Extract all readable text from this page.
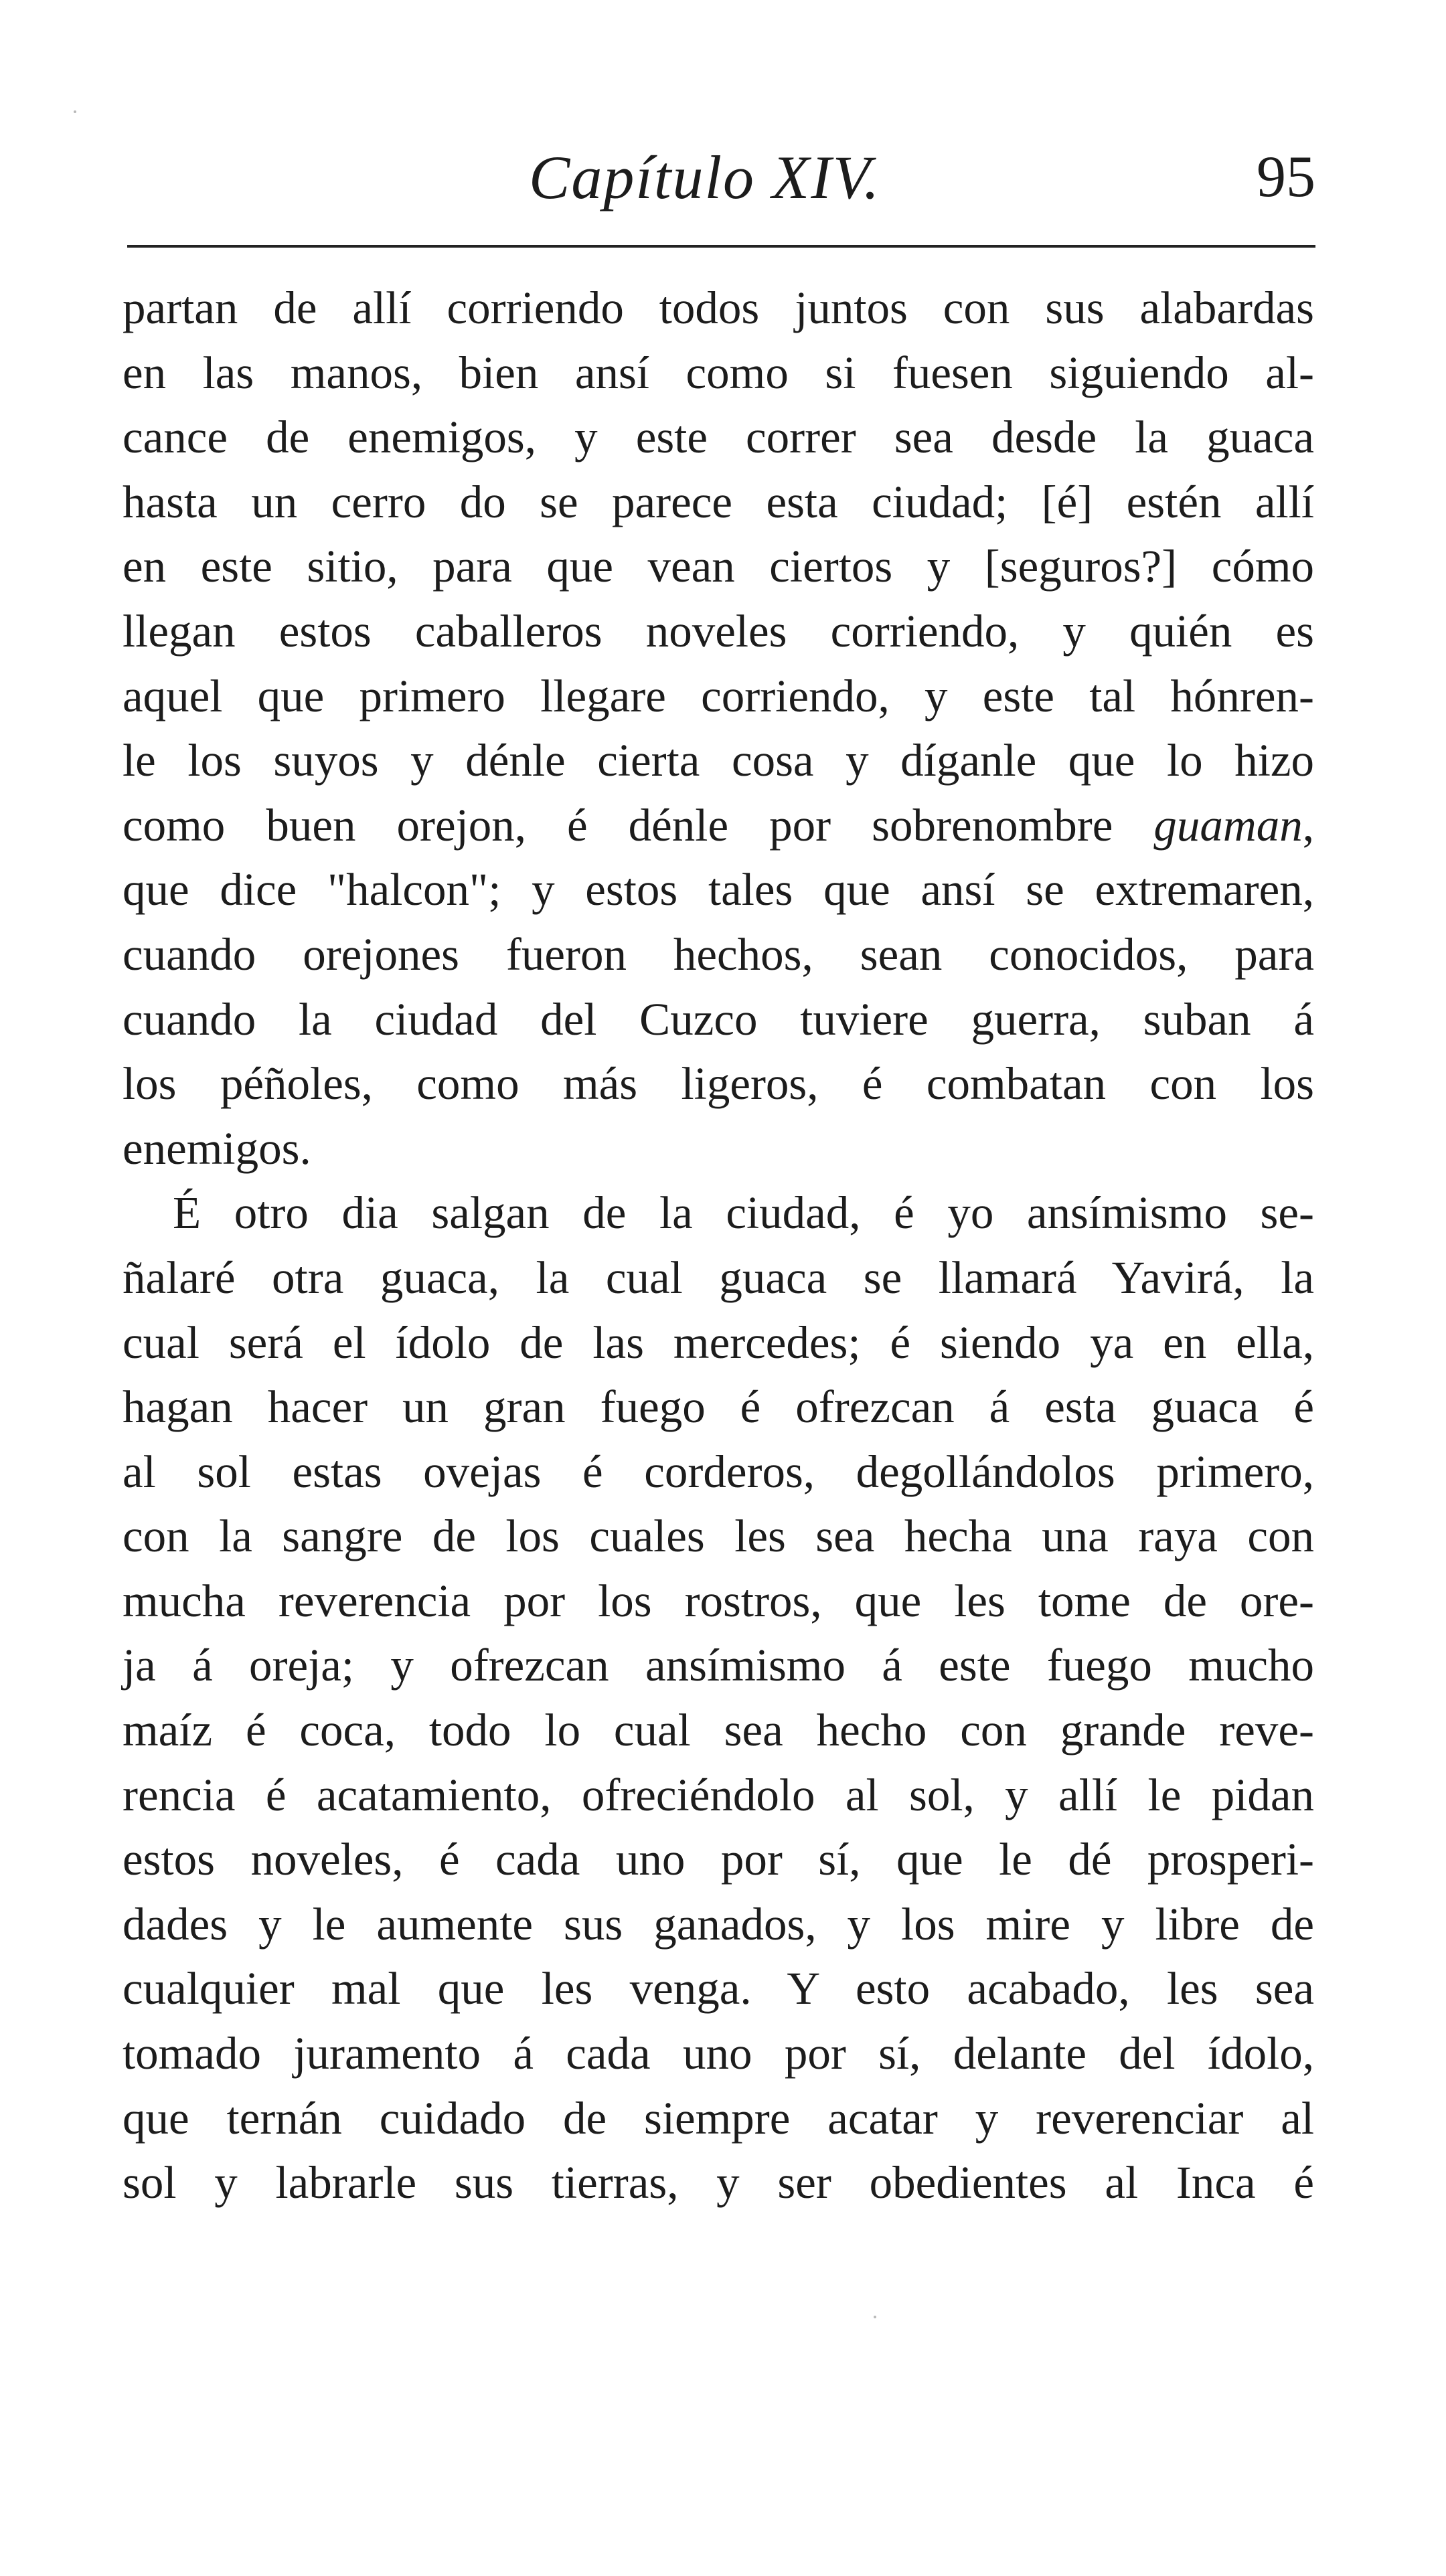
Capítulo XIV.	95
partan de allí corriendo todos juntos con sus alabardas
en las manos, bien ansí como si fuesen siguiendo al-
cance de enemigos, y este correr sea desde la guaca
hasta un cerro do se parece esta ciudad; [é] estén allí
en este sitio, para que vean ciertos y [seguros?] cómo
llegan estos caballeros noveles corriendo, y quién es
aquel que primero llegare corriendo, y este tal hónren-
le los suyos y dénle cierta cosa y díganle que lo hizo
como buen orejon, é dénle por sobrenombre guaman,
que dice "halcon"; y estos tales que ansí se extremaren,
cuando orejones fueron hechos, sean conocidos, para
cuando la ciudad del Cuzco tuviere guerra, suban á
los péñoles, como más ligeros, é combatan con los
enemigos.
É otro dia salgan de la ciudad, é yo ansímismo se-
ñalaré otra guaca, la cual guaca se llamará Yavirá, la
cual será el ídolo de las mercedes; é siendo ya en ella,
hagan hacer un gran fuego é ofrezcan á esta guaca é
al sol estas ovejas é corderos, degollándolos primero,
con la sangre de los cuales les sea hecha una raya con
mucha reverencia por los rostros, que les tome de ore-
ja á oreja; y ofrezcan ansímismo á este fuego mucho
maíz é coca, todo lo cual sea hecho con grande reve-
rencia é acatamiento, ofreciéndolo al sol, y allí le pidan
estos noveles, é cada uno por sí, que le dé prosperi-
dades y le aumente sus ganados, y los mire y libre de
cualquier mal que les venga. Y esto acabado, les sea
tomado juramento á cada uno por sí, delante del ídolo,
que ternán cuidado de siempre acatar y reverenciar al
sol y labrarle sus tierras, y ser obedientes al Inca é
